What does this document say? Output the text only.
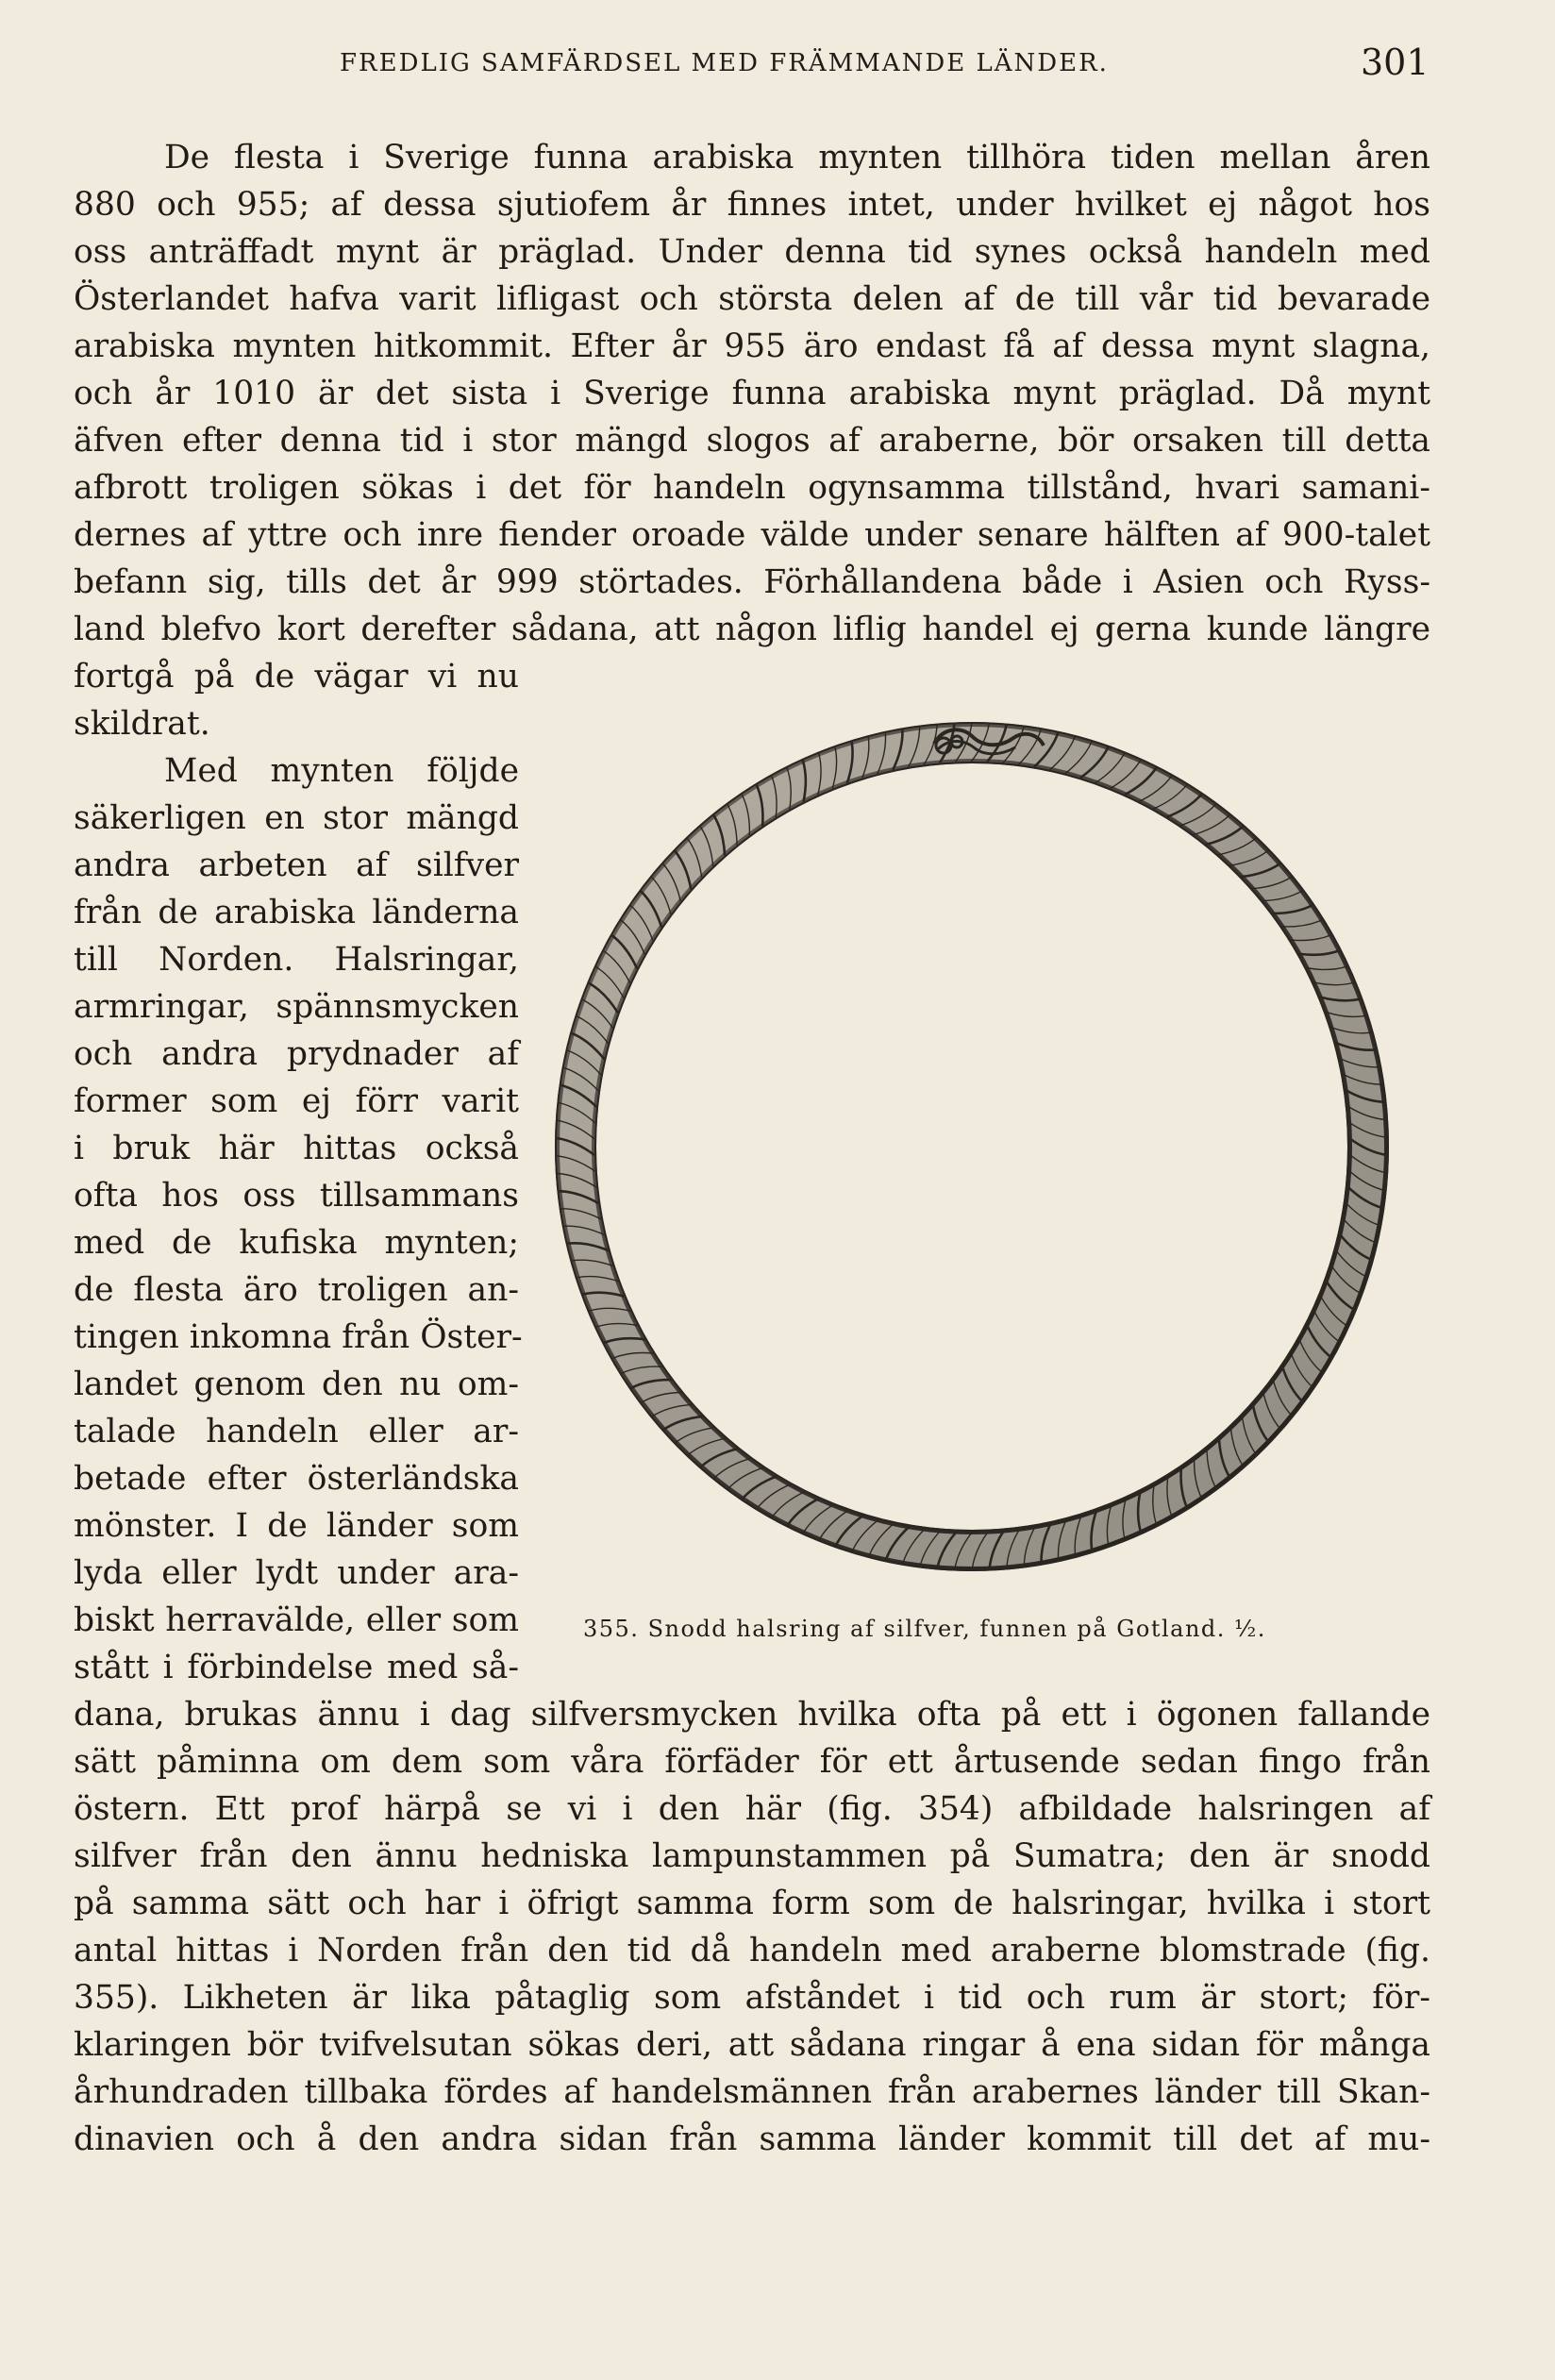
FREDLIG SAMFÄRDSEL MED FRÄMMANDE LÄNDER.	301
De flesta i Sverige funna arabiska mynten tillhöra tiden mellan åren
880 och 955; af dessa sjutiofem år finnes intet, under hvilket ej något hos
oss anträffadt mynt är präglad. Under denna tid synes också handeln med
Österlandet hafva varit lifligast och största delen af de till vår tid bevarade
arabiska mynten hitkommit. Efter år 955 äro endast få af dessa mynt slagna,
och år 1010 är det sista i Sverige funna arabiska mynt präglad. Då mynt
äfven efter denna tid i stor mängd slogos af araberne, bör orsaken till detta
afbrott troligen sökas i det för handeln ogynsamma tillstånd, hvari samani-
dernes af yttre och inre fiender oroade välde under senare hälften af 900-talet
befann sig, tills det år 999 störtades. Förhållandena både i Asien och Ryss-
land blefvo kort derefter sådana, att någon liflig handel ej gerna kunde längre
fortgå på de vägar vi nu
skildrat.
Med mynten följde
säkerligen en stor mängd
andra arbeten af silfver
från de arabiska länderna
till Norden. Halsringar,
armringar, spännsmycken
och andra prydnader af
former som ej förr varit
i bruk här hittas också
ofta hos oss tillsammans
med de kufiska mynten;
de flesta äro troligen an-
tingen inkomna från Öster-
landet genom den nu om-
talade handeln eller ar-
betade efter österländska
mönster. I de länder som
lyda eller lydt under ara-
biskt herravälde, eller som
stått i förbindelse med så-
dana, brukas ännu i dag silfversmycken hvilka ofta på ett i ögonen fallande
sätt påminna om dem som våra förfäder för ett årtusende sedan fingo från
östern. Ett prof härpå se vi i den här (fig. 354) afbildade halsringen af
silfver från den ännu hedniska lampunstammen på Sumatra; den är snodd
på samma sätt och har i öfrigt samma form som de halsringar, hvilka i stort
antal hittas i Norden från den tid då handeln med araberne blomstrade (fig.
355). Likheten är lika påtaglig som afståndet i tid och rum är stort; för-
klaringen bör tvifvelsutan sökas deri, att sådana ringar å ena sidan för många
århundraden tillbaka fördes af handelsmännen från arabernes länder till Skan-
dinavien och å den andra sidan från samma länder kommit till det af mu-
355. Snodd halsring af silfver, funnen på Gotland. ½.
